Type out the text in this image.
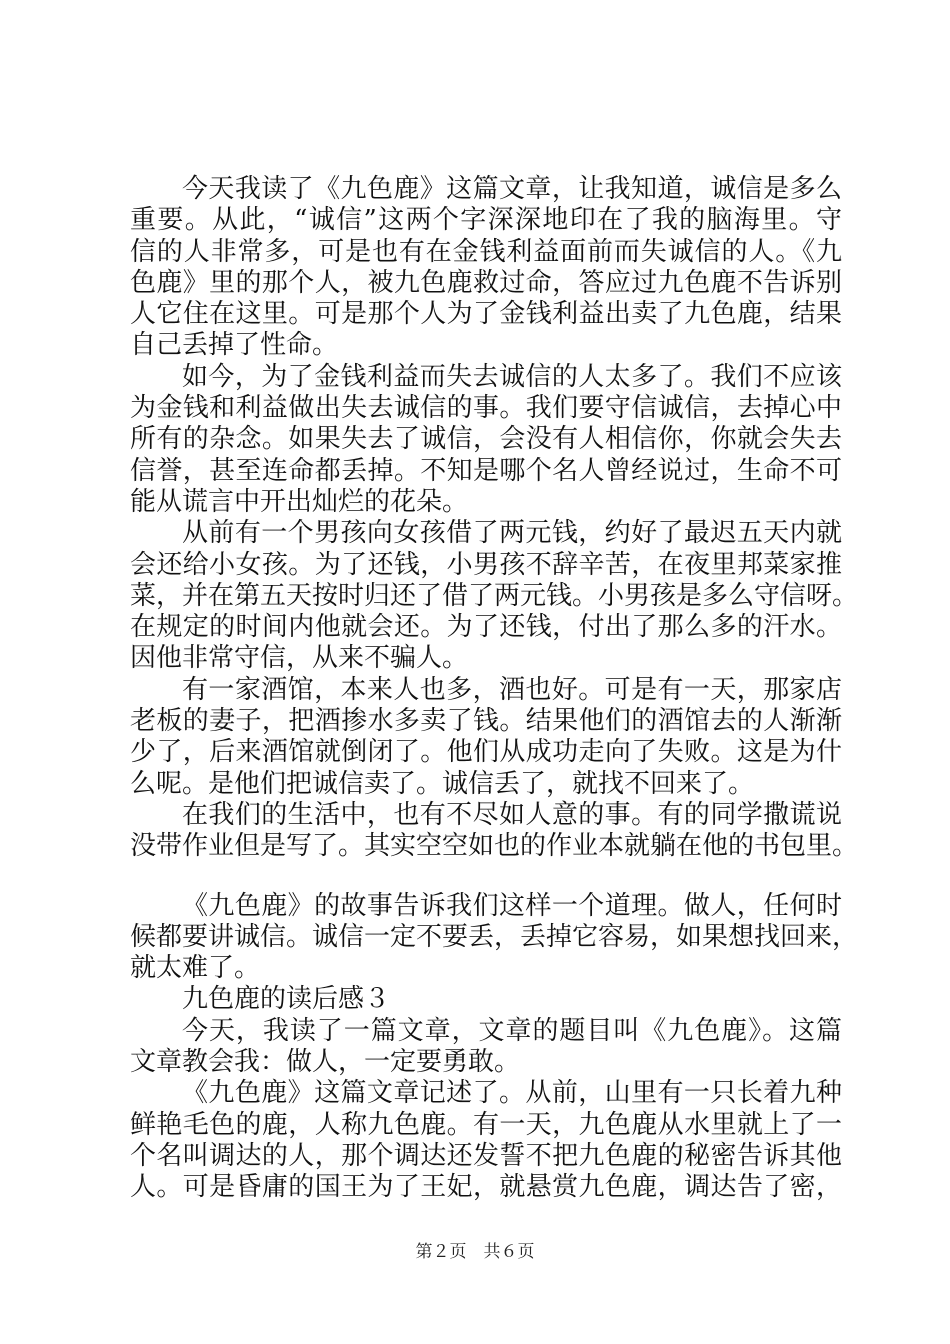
今天我读了《九色鹿》这篇文章，让我知道，诚信是多么
重要。从此，“诚信”这两个字深深地印在了我的脑海里。守
信的人非常多，可是也有在金钱利益面前而失诚信的人。《九
色鹿》里的那个人，被九色鹿救过命，答应过九色鹿不告诉别
人它住在这里。可是那个人为了金钱利益出卖了九色鹿，结果
自己丢掉了性命。
如今，为了金钱利益而失去诚信的人太多了。我们不应该
为金钱和利益做出失去诚信的事。我们要守信诚信，去掉心中
所有的杂念。如果失去了诚信，会没有人相信你，你就会失去
信誉，甚至连命都丢掉。不知是哪个名人曾经说过，生命不可
能从谎言中开出灿烂的花朵。
从前有一个男孩向女孩借了两元钱，约好了最迟五天内就
会还给小女孩。为了还钱，小男孩不辞辛苦，在夜里邦菜家推
菜，并在第五天按时归还了借了两元钱。小男孩是多么守信呀。
在规定的时间内他就会还。为了还钱，付出了那么多的汗水。
因他非常守信，从来不骗人。
有一家酒馆，本来人也多，酒也好。可是有一天，那家店
老板的妻子，把酒掺水多卖了钱。结果他们的酒馆去的人渐渐
少了，后来酒馆就倒闭了。他们从成功走向了失败。这是为什
么呢。是他们把诚信卖了。诚信丢了，就找不回来了。
在我们的生活中，也有不尽如人意的事。有的同学撒谎说
没带作业但是写了。其实空空如也的作业本就躺在他的书包里。
《九色鹿》的故事告诉我们这样一个道理。做人，任何时
候都要讲诚信。诚信一定不要丢，丢掉它容易，如果想找回来，
就太难了。
九色鹿的读后感３
今天，我读了一篇文章，文章的题目叫《九色鹿》。这篇
文章教会我：做人，一定要勇敢。
《九色鹿》这篇文章记述了。从前，山里有一只长着九种
鲜艳毛色的鹿，人称九色鹿。有一天，九色鹿从水里就上了一
个名叫调达的人，那个调达还发誓不把九色鹿的秘密告诉其他
人。可是昏庸的国王为了王妃，就悬赏九色鹿，调达告了密，
第２页　共６页
